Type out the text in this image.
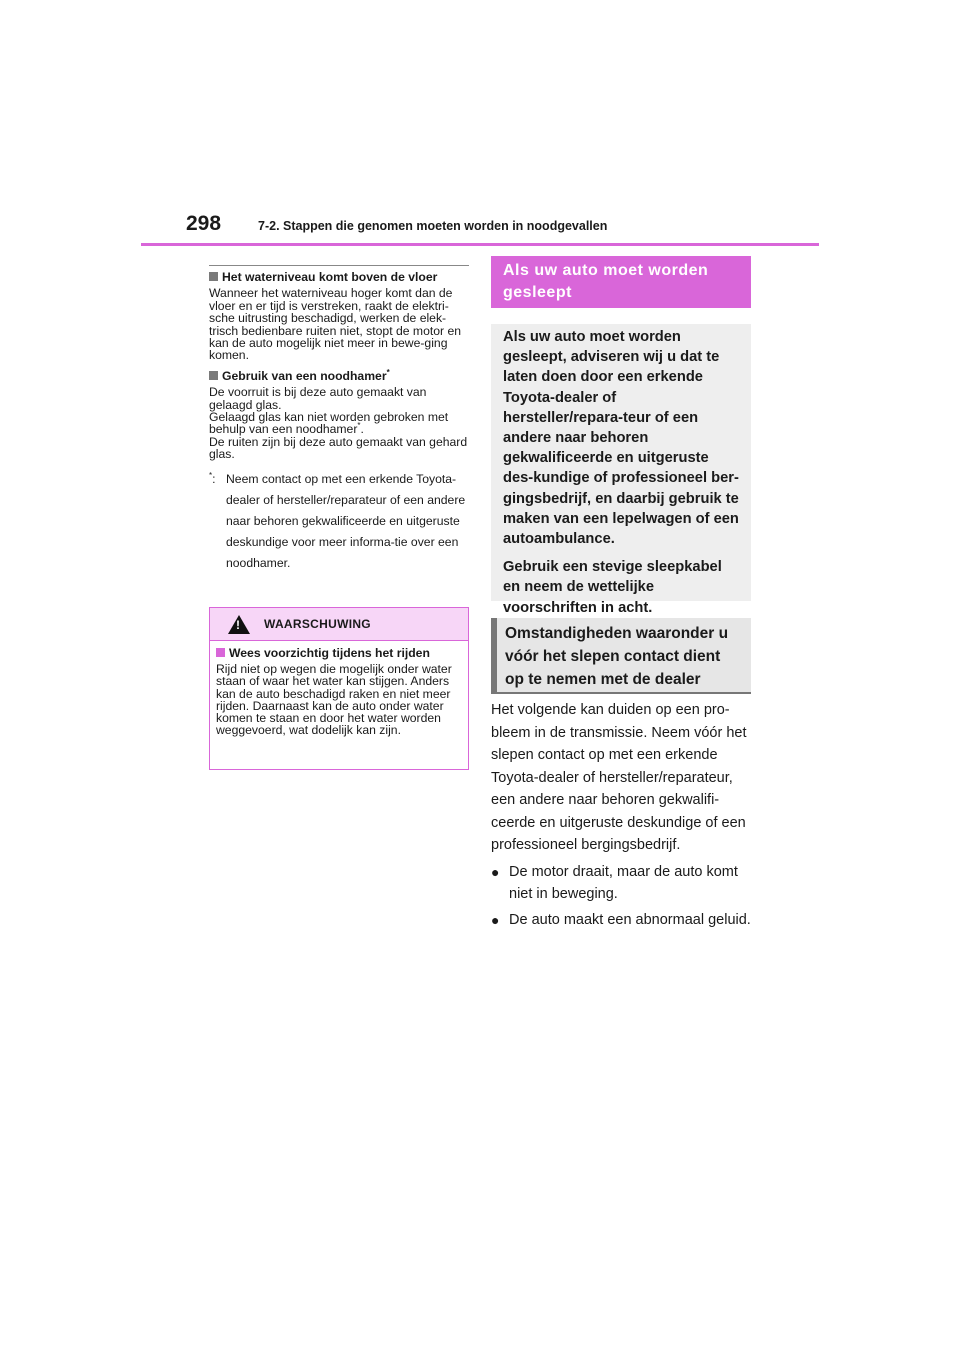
298	7-2. Stappen die genomen moeten worden in noodgevallen
Het waterniveau komt boven de vloer
Wanneer het waterniveau hoger komt dan de vloer en er tijd is verstreken, raakt de elektri-sche uitrusting beschadigd, werken de elek-trisch bedienbare ruiten niet, stopt de motor en kan de auto mogelijk niet meer in bewe-ging komen.
Gebruik van een noodhamer*

De voorruit is bij deze auto gemaakt van gelaagd glas.

Gelaagd glas kan niet worden gebroken met behulp van een noodhamer*.

De ruiten zijn bij deze auto gemaakt van gehard glas.

*: Neem contact op met een erkende Toyota-dealer of hersteller/reparateur of een andere naar behoren gekwalificeerde en uitgeruste deskundige voor meer informa-tie over een noodhamer.
! WAARSCHUWING
Wees voorzichtig tijdens het rijden
Rijd niet op wegen die mogelijk onder water staan of waar het water kan stijgen. Anders kan de auto beschadigd raken en niet meer rijden. Daarnaast kan de auto onder water komen te staan en door het water worden weggevoerd, wat dodelijk kan zijn.
Als uw auto moet worden gesleept

Als uw auto moet worden gesleept, adviseren wij u dat te laten doen door een erkende Toyota-dealer of hersteller/repara-teur of een andere naar behoren gekwalificeerde en uitgeruste des-kundige of professioneel ber-gingsbedrijf, en daarbij gebruik te maken van een lepelwagen of een autoambulance.

Gebruik een stevige sleepkabel en neem de wettelijke voorschriften in acht.

Omstandigheden waaronder u vóór het slepen contact dient op te nemen met de dealer

Het volgende kan duiden op een pro-bleem in de transmissie. Neem vóór het slepen contact op met een erkende Toyota-dealer of hersteller/reparateur, een andere naar behoren gekwalifi-ceerde en uitgeruste deskundige of een professioneel bergingsbedrijf.

● De motor draait, maar de auto komt niet in beweging.
● De auto maakt een abnormaal geluid.
